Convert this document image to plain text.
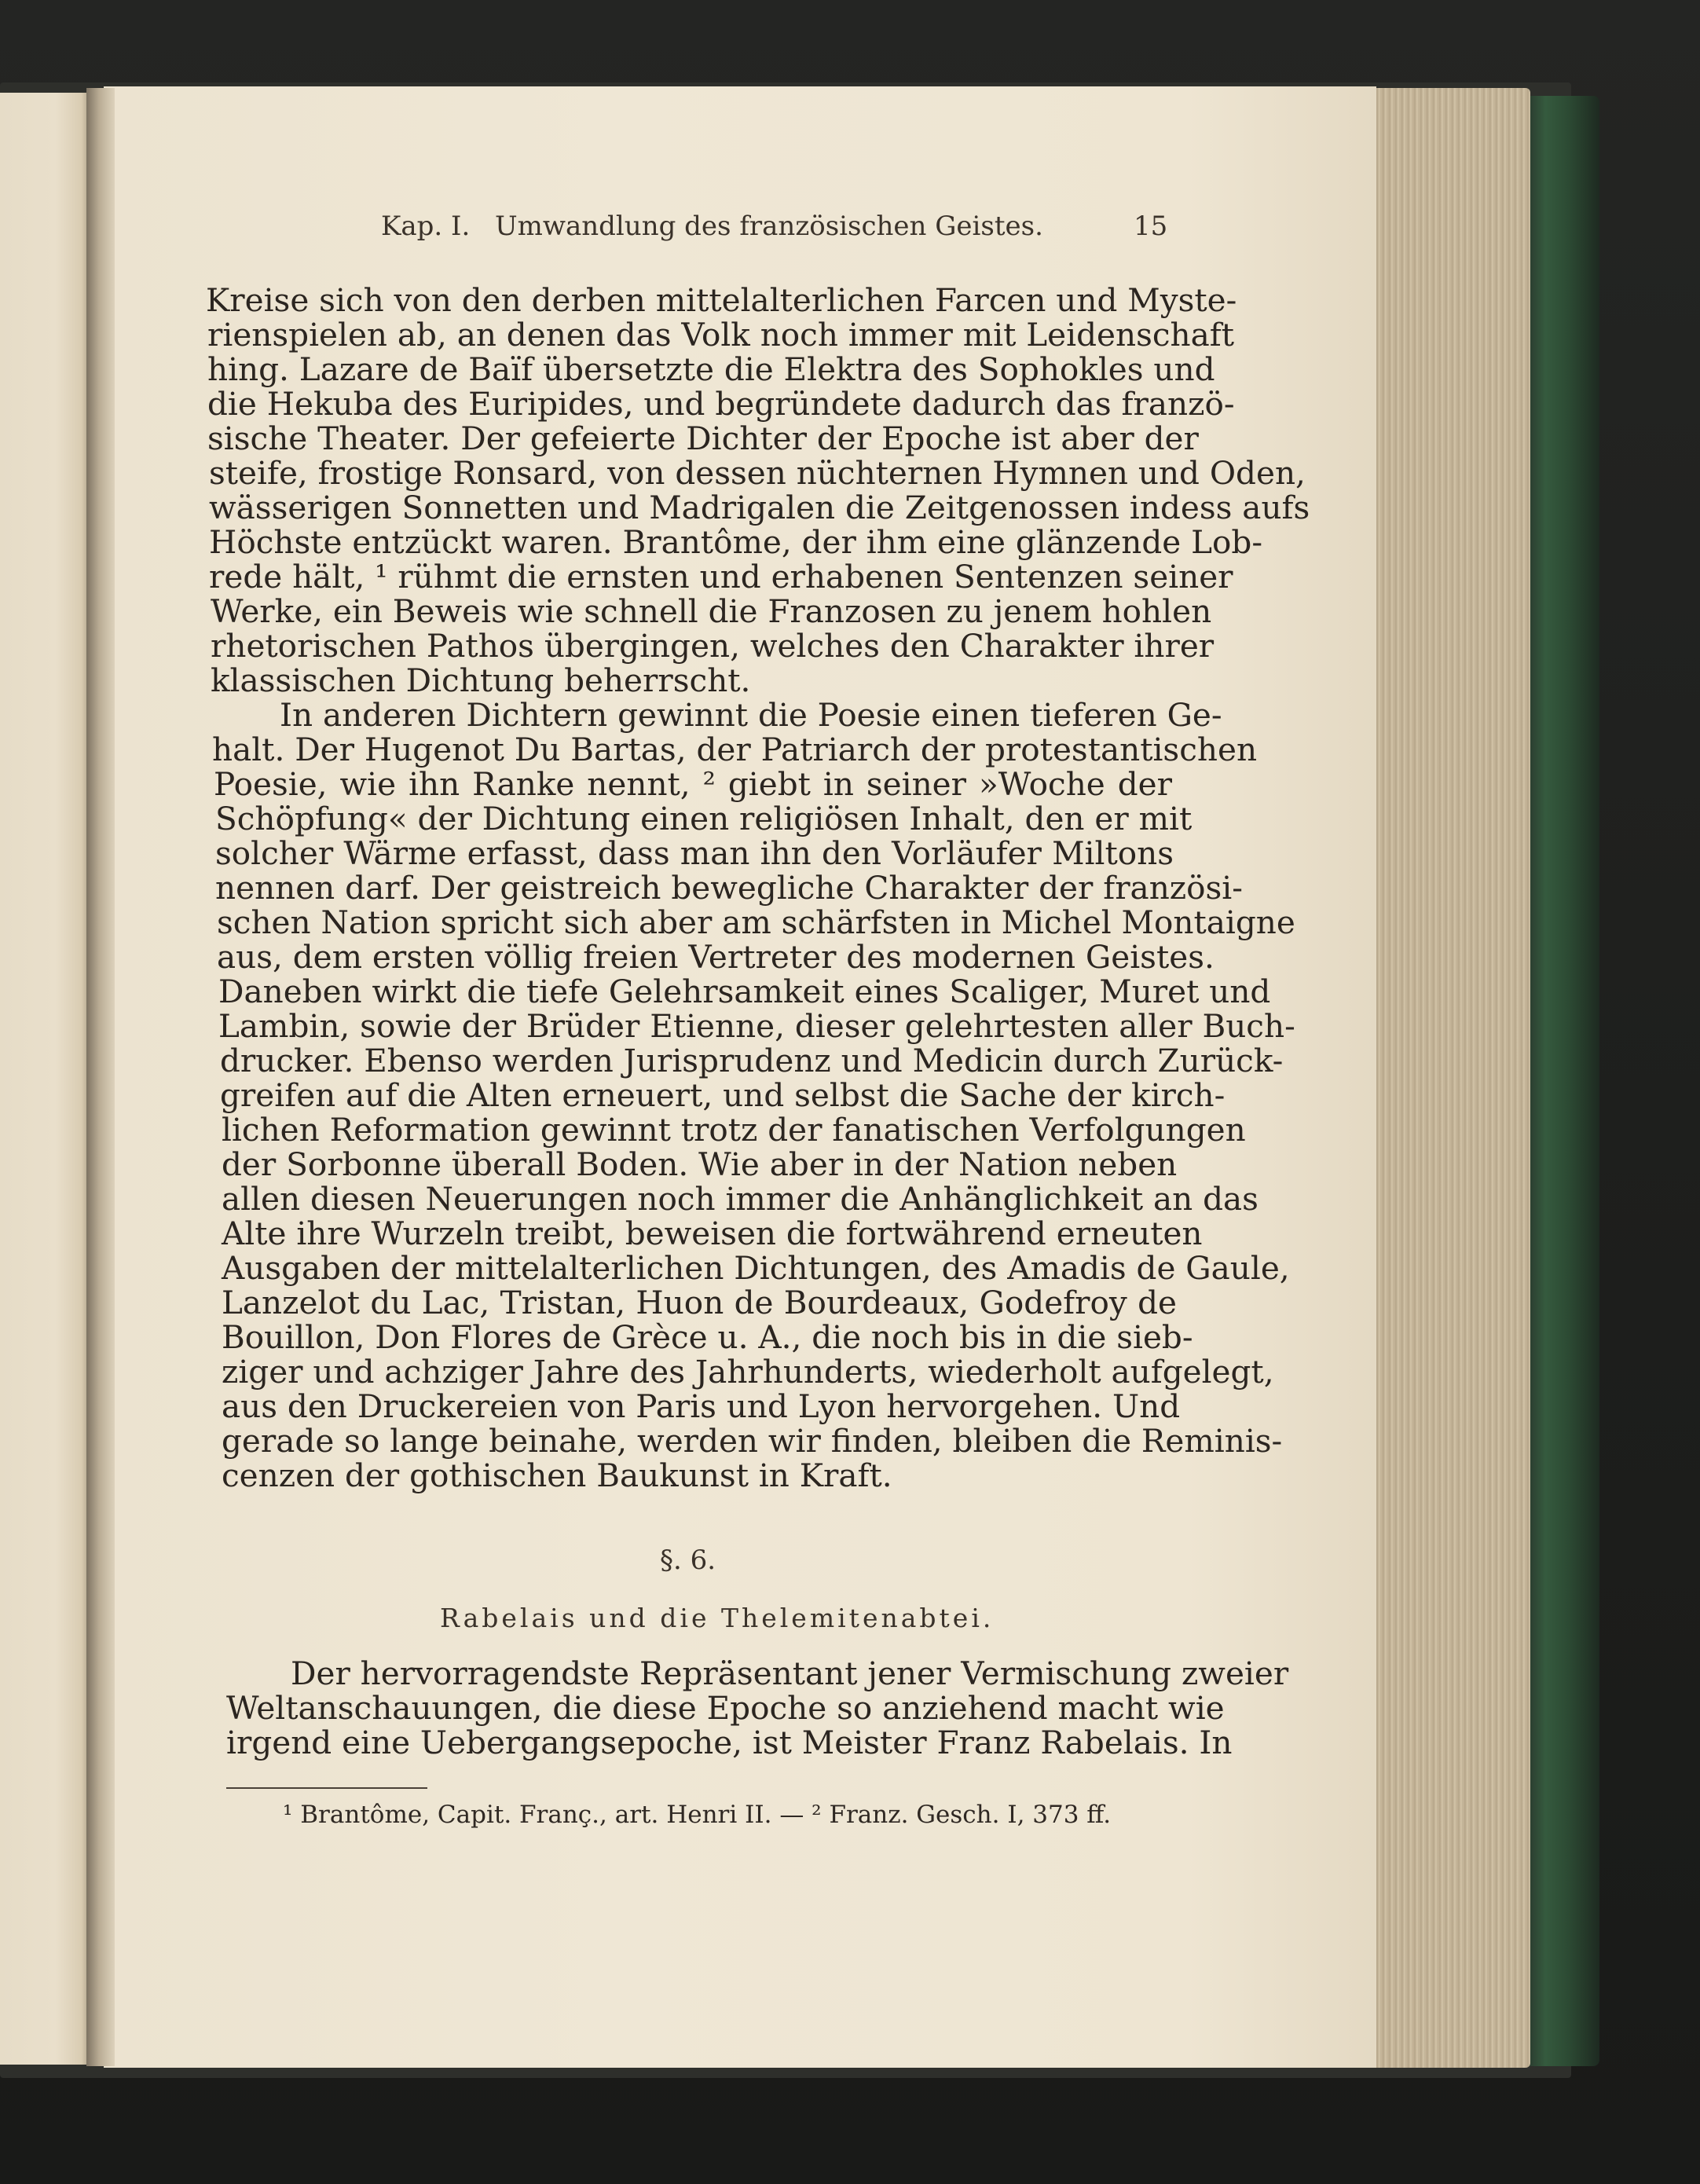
Kap. I. Umwandlung des französischen Geistes.	15
Kreise sich von den derben mittelalterlichen Farcen und Myste-
rienspielen ab, an denen das Volk noch immer mit Leidenschaft
hing. Lazare de Baïf übersetzte die Elektra des Sophokles und
die Hekuba des Euripides, und begründete dadurch das franzö-
sische Theater. Der gefeierte Dichter der Epoche ist aber der
steife, frostige Ronsard, von dessen nüchternen Hymnen und Oden,
wässerigen Sonnetten und Madrigalen die Zeitgenossen indess aufs
Höchste entzückt waren. Brantôme, der ihm eine glänzende Lob-
rede hält, ¹ rühmt die ernsten und erhabenen Sentenzen seiner
Werke, ein Beweis wie schnell die Franzosen zu jenem hohlen
rhetorischen Pathos übergingen, welches den Charakter ihrer
klassischen Dichtung beherrscht.
In anderen Dichtern gewinnt die Poesie einen tieferen Ge-
halt. Der Hugenot Du Bartas, der Patriarch der protestantischen
Poesie, wie ihn Ranke nennt, ² giebt in seiner »Woche der
Schöpfung« der Dichtung einen religiösen Inhalt, den er mit
solcher Wärme erfasst, dass man ihn den Vorläufer Miltons
nennen darf. Der geistreich bewegliche Charakter der französi-
schen Nation spricht sich aber am schärfsten in Michel Montaigne
aus, dem ersten völlig freien Vertreter des modernen Geistes.
Daneben wirkt die tiefe Gelehrsamkeit eines Scaliger, Muret und
Lambin, sowie der Brüder Etienne, dieser gelehrtesten aller Buch-
drucker. Ebenso werden Jurisprudenz und Medicin durch Zurück-
greifen auf die Alten erneuert, und selbst die Sache der kirch-
lichen Reformation gewinnt trotz der fanatischen Verfolgungen
der Sorbonne überall Boden. Wie aber in der Nation neben
allen diesen Neuerungen noch immer die Anhänglichkeit an das
Alte ihre Wurzeln treibt, beweisen die fortwährend erneuten
Ausgaben der mittelalterlichen Dichtungen, des Amadis de Gaule,
Lanzelot du Lac, Tristan, Huon de Bourdeaux, Godefroy de
Bouillon, Don Flores de Grèce u. A., die noch bis in die sieb-
ziger und achziger Jahre des Jahrhunderts, wiederholt aufgelegt,
aus den Druckereien von Paris und Lyon hervorgehen. Und
gerade so lange beinahe, werden wir finden, bleiben die Reminis-
cenzen der gothischen Baukunst in Kraft.
§. 6.
Rabelais und die Thelemitenabtei.
Der hervorragendste Repräsentant jener Vermischung zweier
Weltanschauungen, die diese Epoche so anziehend macht wie
irgend eine Uebergangsepoche, ist Meister Franz Rabelais. In
¹ Brantôme, Capit. Franç., art. Henri II. — ² Franz. Gesch. I, 373 ff.
